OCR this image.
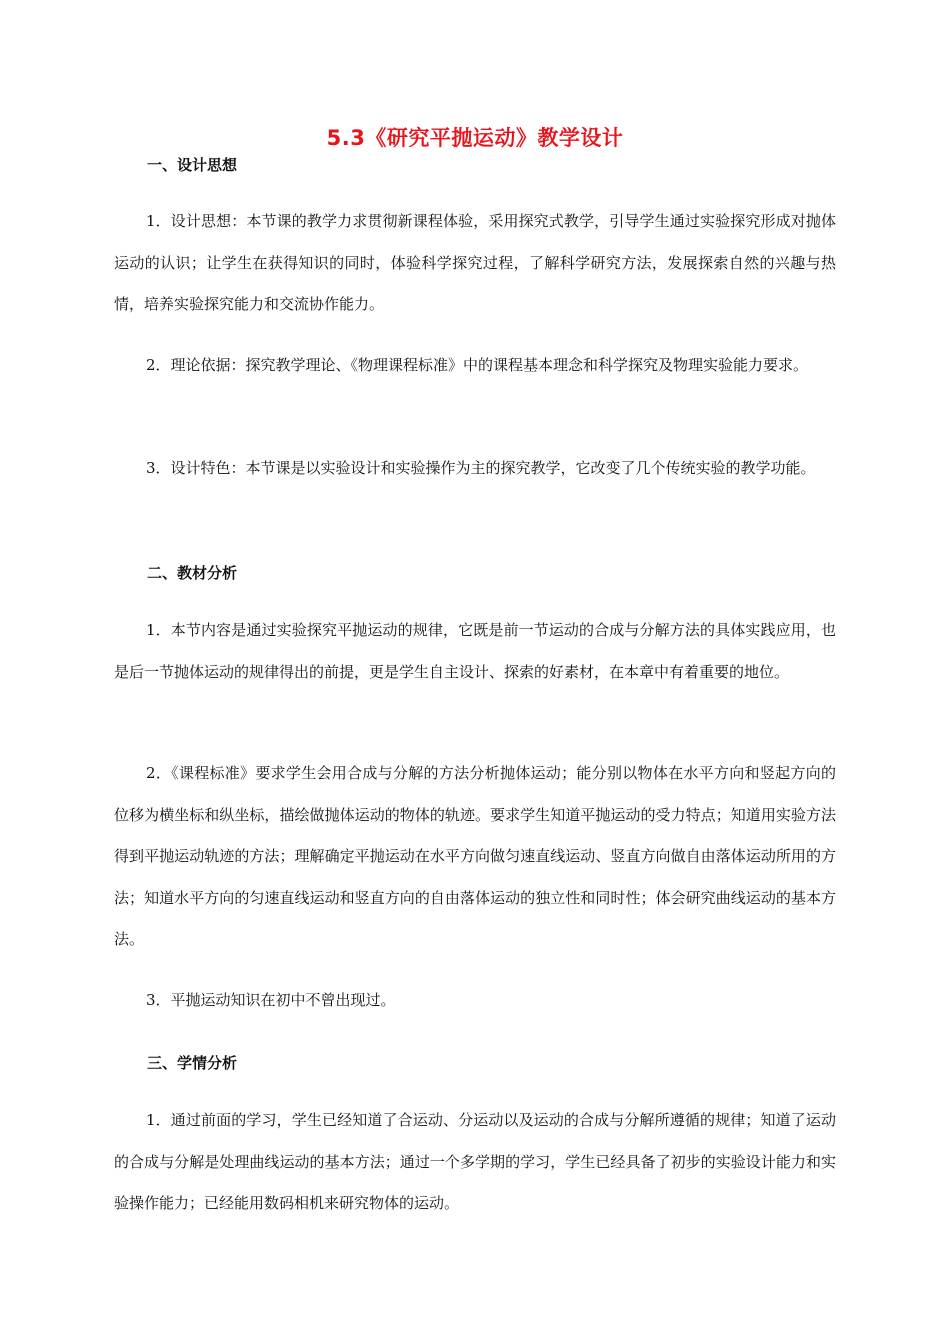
5.3《研究平抛运动》教学设计
一、设计思想

1．设计思想：本节课的教学力求贯彻新课程体验，采用探究式教学，引导学生通过实验探究形成对抛体运动的认识；让学生在获得知识的同时，体验科学探究过程，了解科学研究方法，发展探索自然的兴趣与热情，培养实验探究能力和交流协作能力。

2．理论依据：探究教学理论、《物理课程标准》中的课程基本理念和科学探究及物理实验能力要求。

3．设计特色：本节课是以实验设计和实验操作为主的探究教学，它改变了几个传统实验的教学功能。

二、教材分析

1．本节内容是通过实验探究平抛运动的规律，它既是前一节运动的合成与分解方法的具体实践应用，也是后一节抛体运动的规律得出的前提，更是学生自主设计、探索的好素材，在本章中有着重要的地位。

2．《课程标准》要求学生会用合成与分解的方法分析抛体运动；能分别以物体在水平方向和竖起方向的位移为横坐标和纵坐标，描绘做抛体运动的物体的轨迹。要求学生知道平抛运动的受力特点；知道用实验方法得到平抛运动轨迹的方法；理解确定平抛运动在水平方向做匀速直线运动、竖直方向做自由落体运动所用的方法；知道水平方向的匀速直线运动和竖直方向的自由落体运动的独立性和同时性；体会研究曲线运动的基本方法。

3．平抛运动知识在初中不曾出现过。

三、学情分析

1．通过前面的学习，学生已经知道了合运动、分运动以及运动的合成与分解所遵循的规律；知道了运动的合成与分解是处理曲线运动的基本方法；通过一个多学期的学习，学生已经具备了初步的实验设计能力和实验操作能力；已经能用数码相机来研究物体的运动。
